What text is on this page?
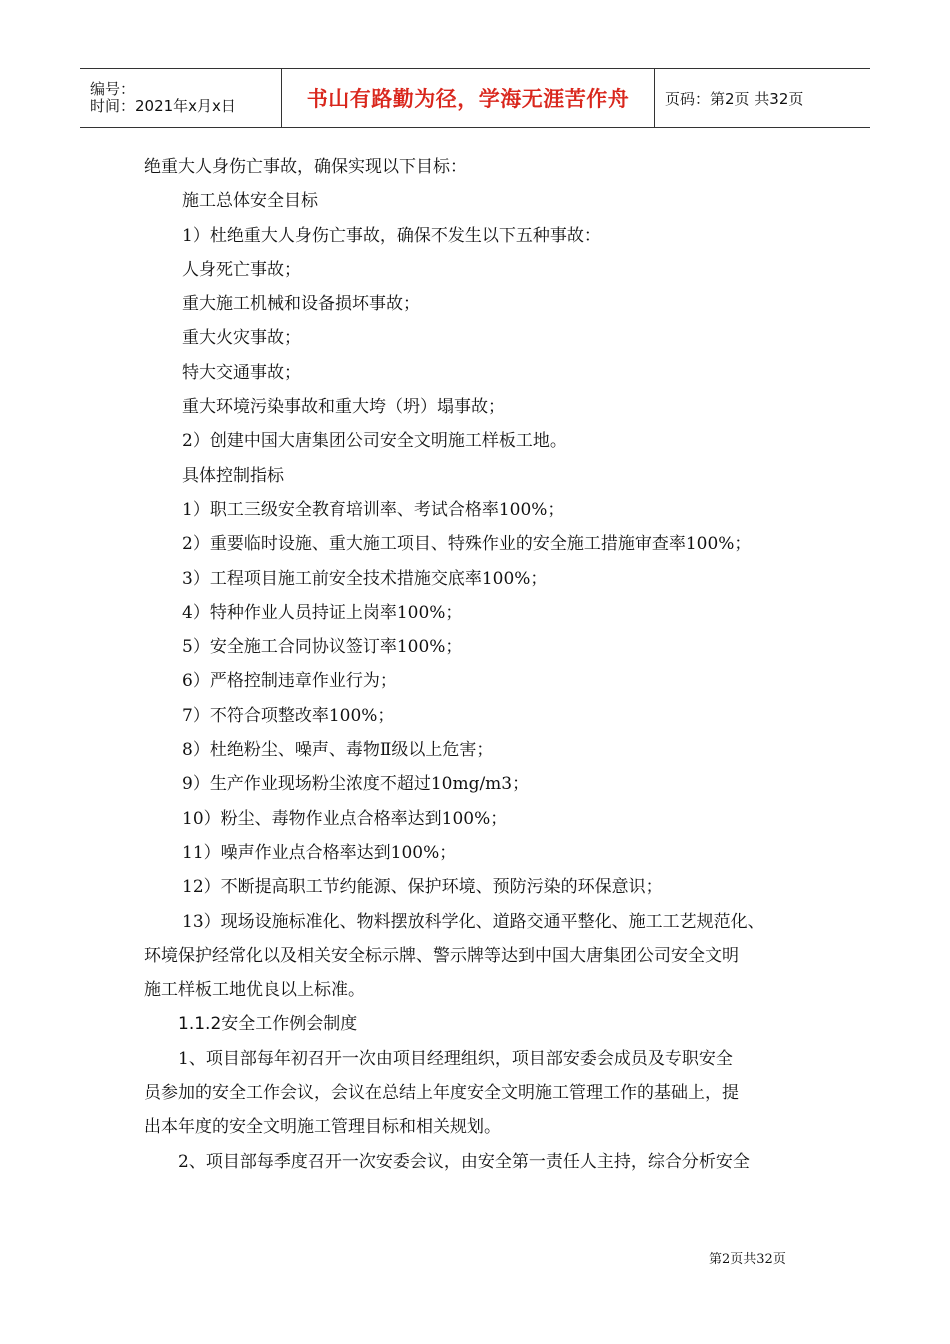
编号：
时间：2021年x月x日	书山有路勤为径，学海无涯苦作舟	页码：第2页 共32页
绝重大人身伤亡事故，确保实现以下目标：
施工总体安全目标
1）杜绝重大人身伤亡事故，确保不发生以下五种事故：
人身死亡事故；
重大施工机械和设备损坏事故；
重大火灾事故；
特大交通事故；
重大环境污染事故和重大垮（坍）塌事故；
2）创建中国大唐集团公司安全文明施工样板工地。
具体控制指标
1）职工三级安全教育培训率、考试合格率100%；
2）重要临时设施、重大施工项目、特殊作业的安全施工措施审查率100%；
3）工程项目施工前安全技术措施交底率100%；
4）特种作业人员持证上岗率100%；
5）安全施工合同协议签订率100%；
6）严格控制违章作业行为；
7）不符合项整改率100%；
8）杜绝粉尘、噪声、毒物Ⅱ级以上危害；
9）生产作业现场粉尘浓度不超过10mg/m3；
10）粉尘、毒物作业点合格率达到100%；
11）噪声作业点合格率达到100%；
12）不断提高职工节约能源、保护环境、预防污染的环保意识；
13）现场设施标准化、物料摆放科学化、道路交通平整化、施工工艺规范化、
环境保护经常化以及相关安全标示牌、警示牌等达到中国大唐集团公司安全文明
施工样板工地优良以上标准。
1.1.2安全工作例会制度
1、项目部每年初召开一次由项目经理组织，项目部安委会成员及专职安全
员参加的安全工作会议，会议在总结上年度安全文明施工管理工作的基础上，提
出本年度的安全文明施工管理目标和相关规划。
2、项目部每季度召开一次安委会议，由安全第一责任人主持，综合分析安全
第2页共32页
